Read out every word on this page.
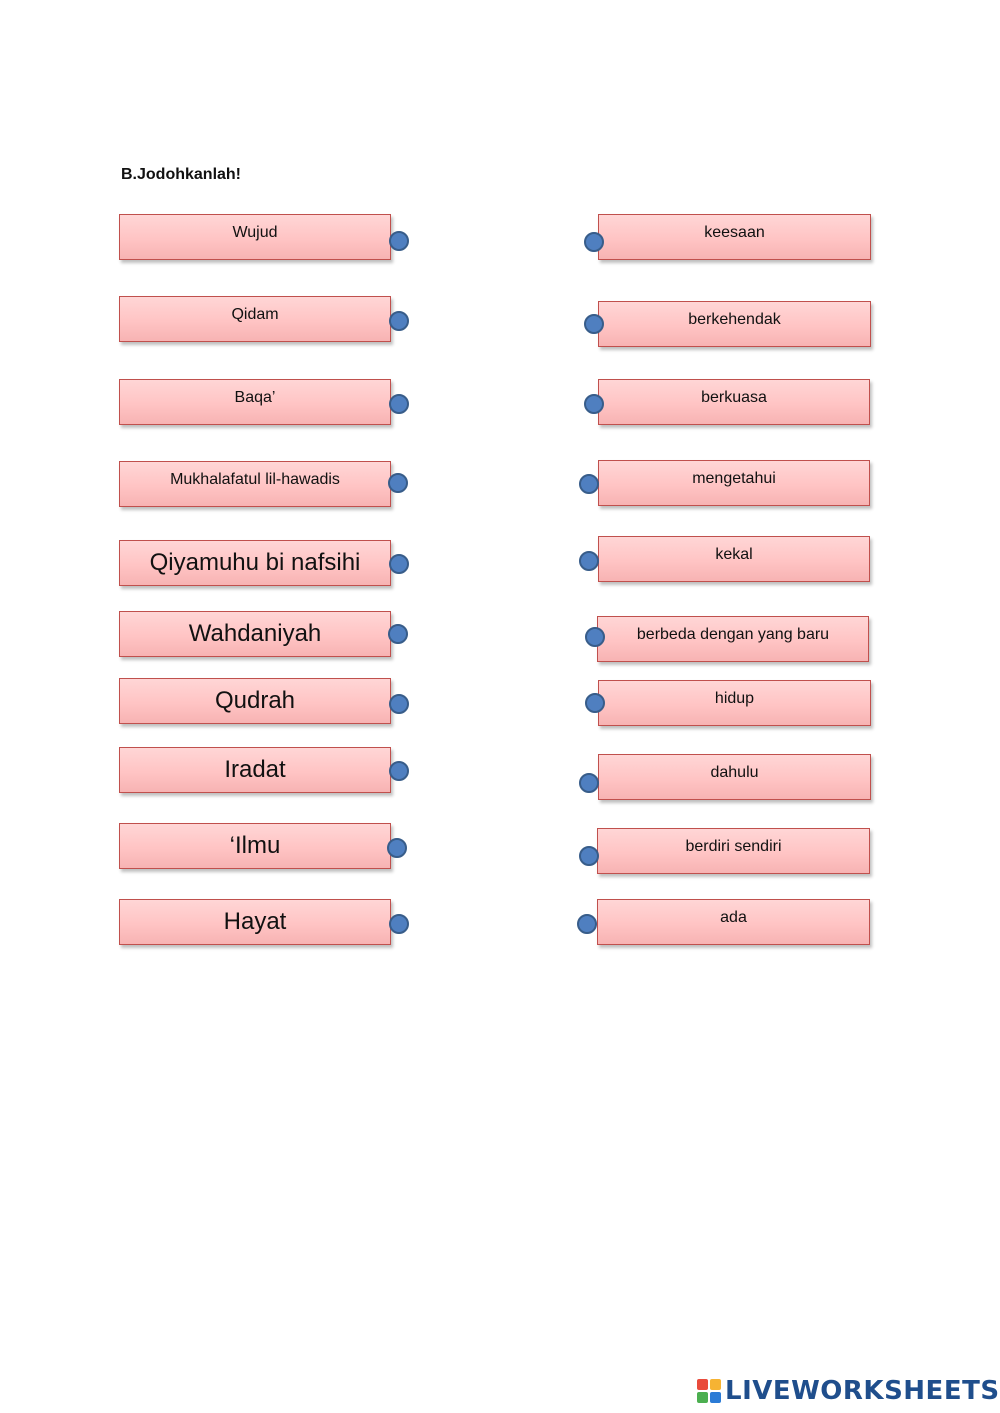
B.Jodohkanlah!
Wujud
Qidam
Baqa’
Mukhalafatul lil-hawadis
Qiyamuhu bi nafsihi
Wahdaniyah
Qudrah
Iradat
‘Ilmu
Hayat
keesaan
berkehendak
berkuasa
mengetahui
kekal
berbeda dengan yang baru
hidup
dahulu
berdiri sendiri
ada
LIVEWORKSHEETS
